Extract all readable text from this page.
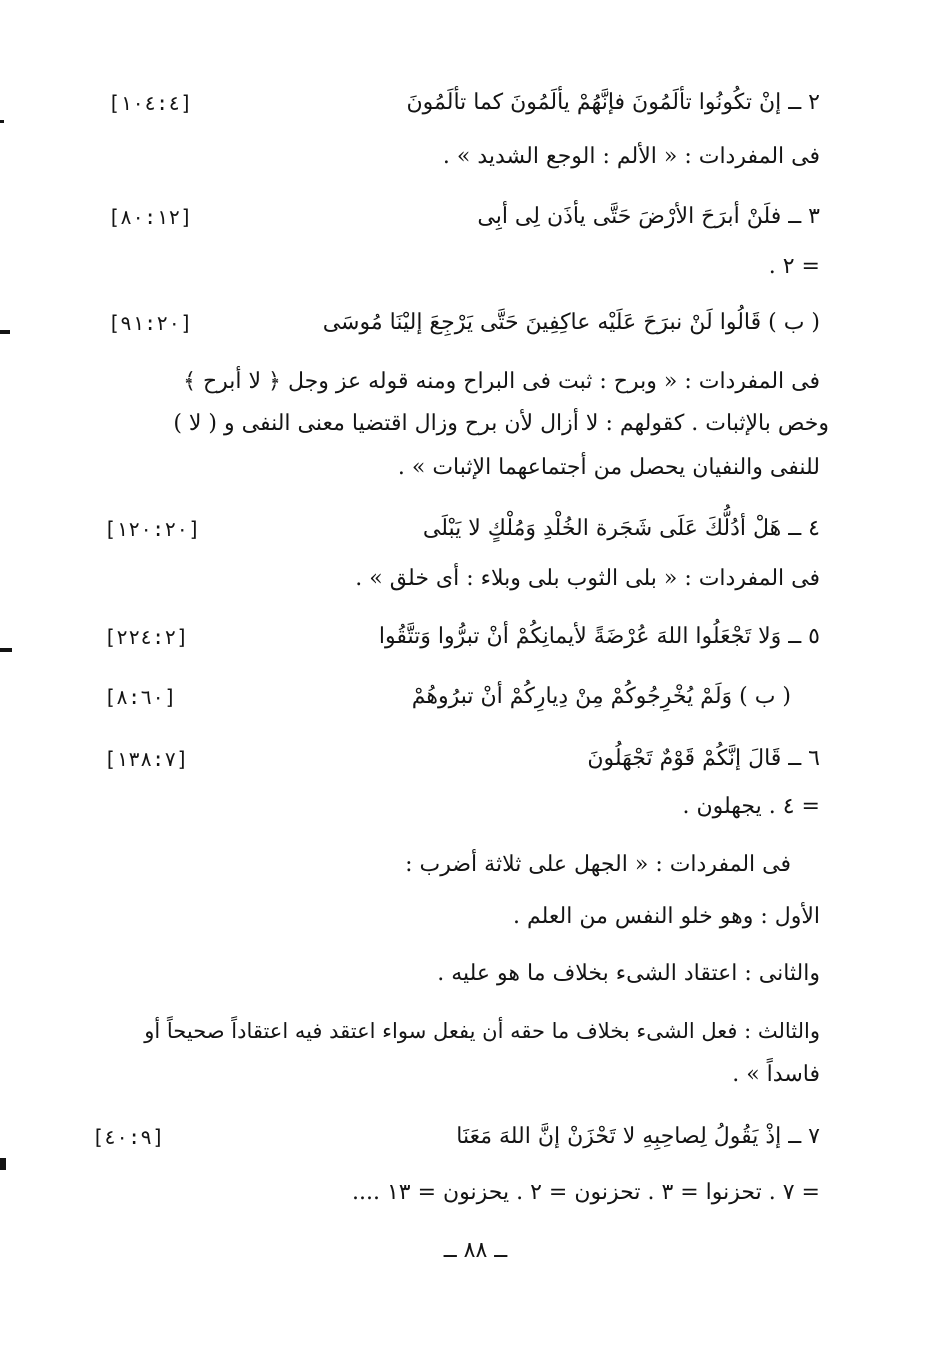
٢ ــ إنْ تكُونُوا تألَمُونَ فإنَّهُمْ يألَمُونَ كما تألَمُونَ
[١٠٤:٤]
فى المفردات : « الألم : الوجع الشديد » .
٣ ــ فلَنْ أبرَحَ الأرْضَ حَتَّى يأذَن لِى أبِى
[٨٠:١٢]
= ٢ .
( ب ) قَالُوا لَنْ نبرَحَ عَلَيْه عاكِفِينَ حَتَّى يَرْجِعَ إليْنَا مُوسَى
[٩١:٢٠]
فى المفردات : « وبرح : ثبت فى البراح ومنه قوله عز وجل ﴿ لا أبرح ﴾
وخص بالإثبات . كقولهم : لا أزال لأن برح وزال اقتضيا معنى النفى و ( لا )
للنفى والنفيان يحصل من أجتماعهما الإثبات » .
٤ ــ هَلْ أدُلُّكَ عَلَى شَجَرة الخُلْدِ وَمُلْكٍ لا يَبْلَى
[١٢٠:٢٠]
فى المفردات : « بلى الثوب بلى وبلاء : أى خلق » .
٥ ــ وَلا تَجْعَلُوا اللهَ عُرْضَةً لأيمانِكُمْ أنْ تبرُّوا وَتتَّقُوا
[٢٢٤:٢]
( ب ) وَلَمْ يُخْرِجُوكُمْ مِنْ دِيارِكُمْ أنْ تبرُوهُمْ
[٨:٦٠]
٦ ــ قَالَ إنَّكُمْ قَوْمٌ تَجْهَلُونَ
[١٣٨:٧]
= ٤ . يجهلون .
فى المفردات : « الجهل على ثلاثة أضرب :
الأول : وهو خلو النفس من العلم .
والثانى : اعتقاد الشىء بخلاف ما هو عليه .
والثالث : فعل الشىء بخلاف ما حقه أن يفعل سواء اعتقد فيه اعتقاداً صحيحاً أو
فاسداً » .
٧ ــ إذْ يَقُولُ لِصاحِبِهِ لا تَحْزَنْ إنَّ اللهَ مَعَنَا
[٤٠:٩]
= ٧ . تحزنوا = ٣ . تحزنون = ٢ . يحزنون = ١٣ ....
ــ ٨٨ ــ
